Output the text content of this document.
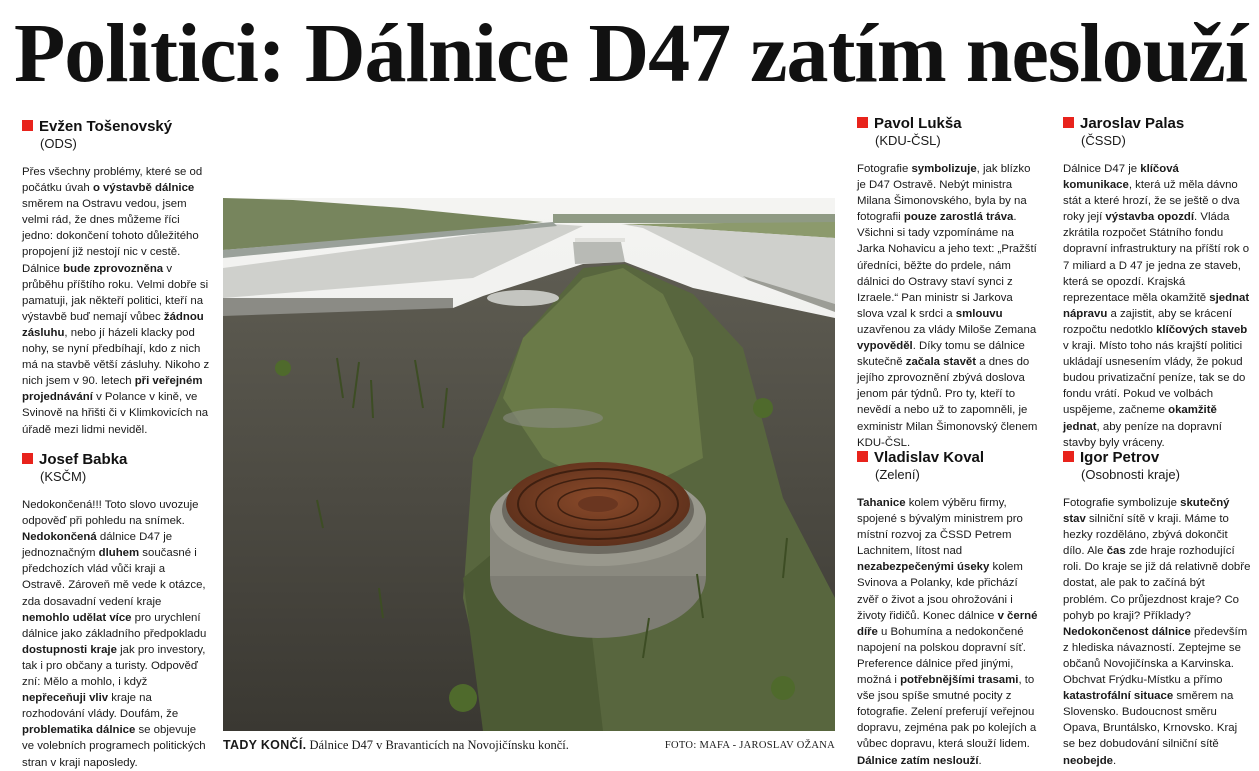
Politici: Dálnice D47 zatím neslouží
Evžen Tošenovský
(ODS)
Přes všechny problémy, které se od počátku úvah o výstavbě dálnice směrem na Ostravu vedou, jsem velmi rád, že dnes můžeme říci jedno: dokončení tohoto důležitého propojení již nestojí nic v cestě. Dálnice bude zprovozněna v průběhu příštího roku. Velmi dobře si pamatuji, jak někteří politici, kteří na výstavbě buď nemají vůbec žádnou zásluhu, nebo jí házeli klacky pod nohy, se nyní předbíhají, kdo z nich má na stavbě větší zásluhy. Nikoho z nich jsem v 90. letech při veřejném projednávání v Polance v kině, ve Svinově na hřišti či v Klimkovicích na úřadě mezi lidmi neviděl.
Josef Babka
(KSČM)
Nedokončená!!! Toto slovo uvozuje odpověď při pohledu na snímek. Nedokončená dálnice D47 je jednoznačným dluhem současné i předchozích vlád vůči kraji a Ostravě. Zároveň mě vede k otázce, zda dosavadní vedení kraje nemohlo udělat více pro urychlení dálnice jako základního předpokladu dostupnosti kraje jak pro investory, tak i pro občany a turisty. Odpověď zní: Mělo a mohlo, i když nepřeceňuji vliv kraje na rozhodování vlády. Doufám, že problematika dálnice se objevuje ve volebních programech politických stran v kraji naposledy.
Pavol Lukša
(KDU-ČSL)
Fotografie symbolizuje, jak blízko je D47 Ostravě. Nebýt ministra Milana Šimonovského, byla by na fotografii pouze zarostlá tráva. Všichni si tady vzpomínáme na Jarka Nohavicu a jeho text: „Pražští úředníci, běžte do prdele, nám dálnici do Ostravy staví synci z Izraele.“ Pan ministr si Jarkova slova vzal k srdci a smlouvu uzavřenou za vlády Miloše Zemana vypověděl. Díky tomu se dálnice skutečně začala stavět a dnes do jejího zprovoznění zbývá doslova jenom pár týdnů. Pro ty, kteří to nevědí a nebo už to zapomněli, je exministr Milan Šimonovský členem KDU-ČSL.
Vladislav Koval
(Zelení)
Tahanice kolem výběru firmy, spojené s bývalým ministrem pro místní rozvoj za ČSSD Petrem Lachnitem, lítost nad nezabezpečenými úseky kolem Svinova a Polanky, kde přichází zvěř o život a jsou ohrožováni i životy řidičů. Konec dálnice v černé díře u Bohumína a nedokončené napojení na polskou dopravní síť. Preference dálnice před jinými, možná i potřebnějšími trasami, to vše jsou spíše smutné pocity z fotografie. Zelení preferují veřejnou dopravu, zejména pak po kolejích a vůbec dopravu, která slouží lidem. Dálnice zatím neslouží.
Jaroslav Palas
(ČSSD)
Dálnice D47 je klíčová komunikace, která už měla dávno stát a které hrozí, že se ještě o dva roky její výstavba opozdí. Vláda zkrátila rozpočet Státního fondu dopravní infrastruktury na příští rok o 7 miliard a D 47 je jedna ze staveb, která se opozdí. Krajská reprezentace měla okamžitě sjednat nápravu a zajistit, aby se krácení rozpočtu nedotklo klíčových staveb v kraji. Místo toho nás krajští politici ukládají usnesením vlády, že pokud budou privatizační peníze, tak se do fondu vrátí. Pokud ve volbách uspějeme, začneme okamžitě jednat, aby peníze na dopravní stavby byly vráceny.
Igor Petrov
(Osobnosti kraje)
Fotografie symbolizuje skutečný stav silniční sítě v kraji. Máme to hezky rozděláno, zbývá dokončit dílo. Ale čas zde hraje rozhodující roli. Do kraje se již dá relativně dobře dostat, ale pak to začíná být problém. Co průjezdnost kraje? Co pohyb po kraji? Příklady? Nedokončenost dálnice především z hlediska návazností. Zeptejme se občanů Novojičínska a Karvinska. Obchvat Frýdku-Místku a přímo katastrofální situace směrem na Slovensko. Budoucnost směru Opava, Bruntálsko, Krnovsko. Kraj se bez dobudování silniční sítě neobejde.
TADY KONČÍ. Dálnice D47 v Bravanticích na Novojičínsku končí.	FOTO: MAFA - JAROSLAV OŽANA
